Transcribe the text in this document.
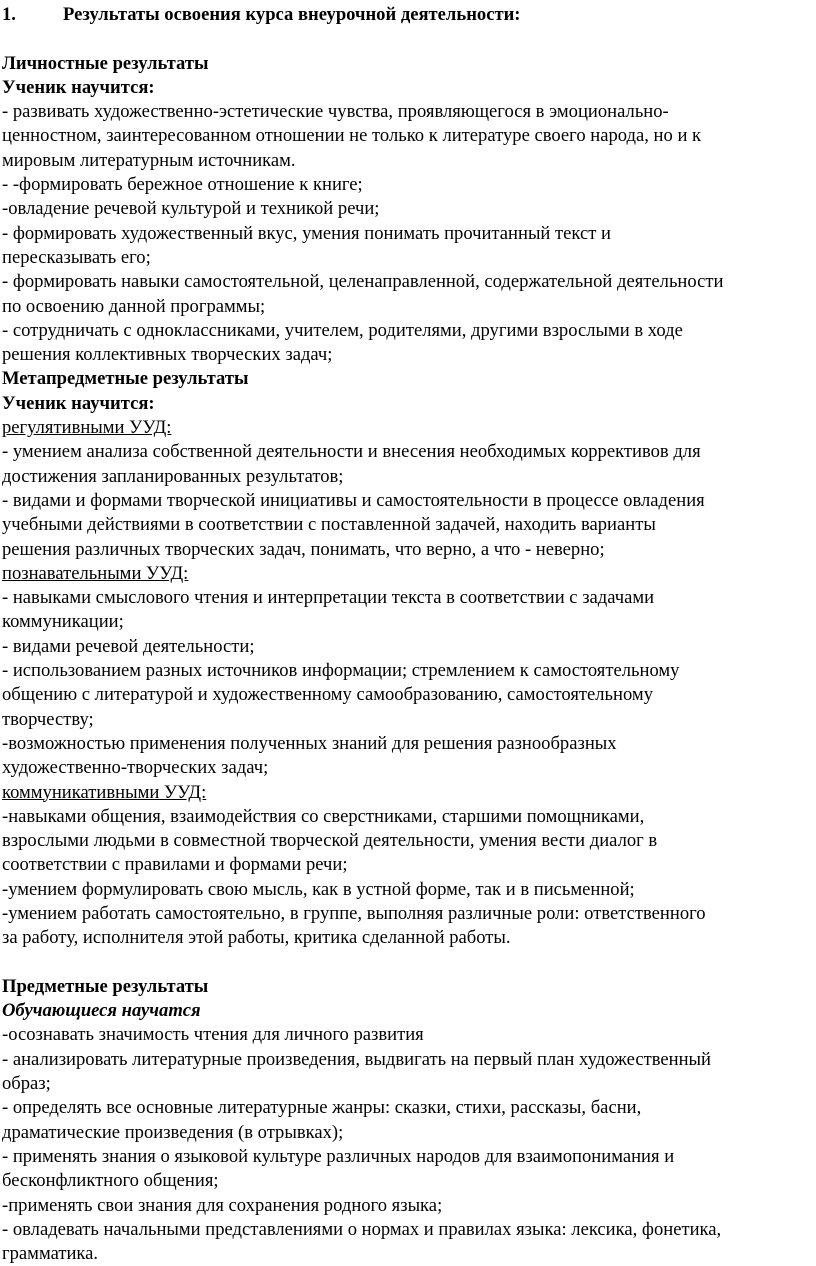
1.	Результаты освоения курса внеурочной деятельности:
Личностные результаты
Ученик научится:
- развивать художественно-эстетические чувства, проявляющегося в эмоционально-
ценностном, заинтересованном отношении не только к литературе своего народа, но и к
мировым литературным источникам.
- -формировать бережное отношение к книге;
-овладение речевой культурой и техникой речи;
- формировать художественный вкус, умения понимать прочитанный текст и
пересказывать его;
- формировать навыки самостоятельной, целенаправленной, содержательной деятельности
по освоению данной программы;
- сотрудничать с одноклассниками, учителем, родителями, другими взрослыми в ходе
решения коллективных творческих задач;
Метапредметные результаты
Ученик научится:
регулятивными УУД:
- умением анализа собственной деятельности и внесения необходимых коррективов для
достижения запланированных результатов;
- видами и формами творческой инициативы и самостоятельности в процессе овладения
учебными действиями в соответствии с поставленной задачей, находить варианты
решения различных творческих задач, понимать, что верно, а что - неверно;
познавательными УУД:
- навыками смыслового чтения и интерпретации текста в соответствии с задачами
коммуникации;
- видами речевой деятельности;
- использованием разных источников информации; стремлением к самостоятельному
общению с литературой и художественному самообразованию, самостоятельному
творчеству;
-возможностью применения полученных знаний для решения разнообразных
художественно-творческих задач;
коммуникативными УУД:
-навыками общения, взаимодействия со сверстниками, старшими помощниками,
взрослыми людьми в совместной творческой деятельности, умения вести диалог в
соответствии с правилами и формами речи;
-умением формулировать свою мысль, как в устной форме, так и в письменной;
-умением работать самостоятельно, в группе, выполняя различные роли: ответственного
за работу, исполнителя этой работы, критика сделанной работы.
Предметные результаты
Обучающиеся научатся
-осознавать значимость чтения для личного развития
- анализировать литературные произведения, выдвигать на первый план художественный
образ;
- определять все основные литературные жанры: сказки, стихи, рассказы, басни,
драматические произведения (в отрывках);
- применять знания о языковой культуре различных народов для взаимопонимания и
бесконфликтного общения;
-применять свои знания для сохранения родного языка;
- овладевать начальными представлениями о нормах и правилах языка: лексика, фонетика,
грамматика.
